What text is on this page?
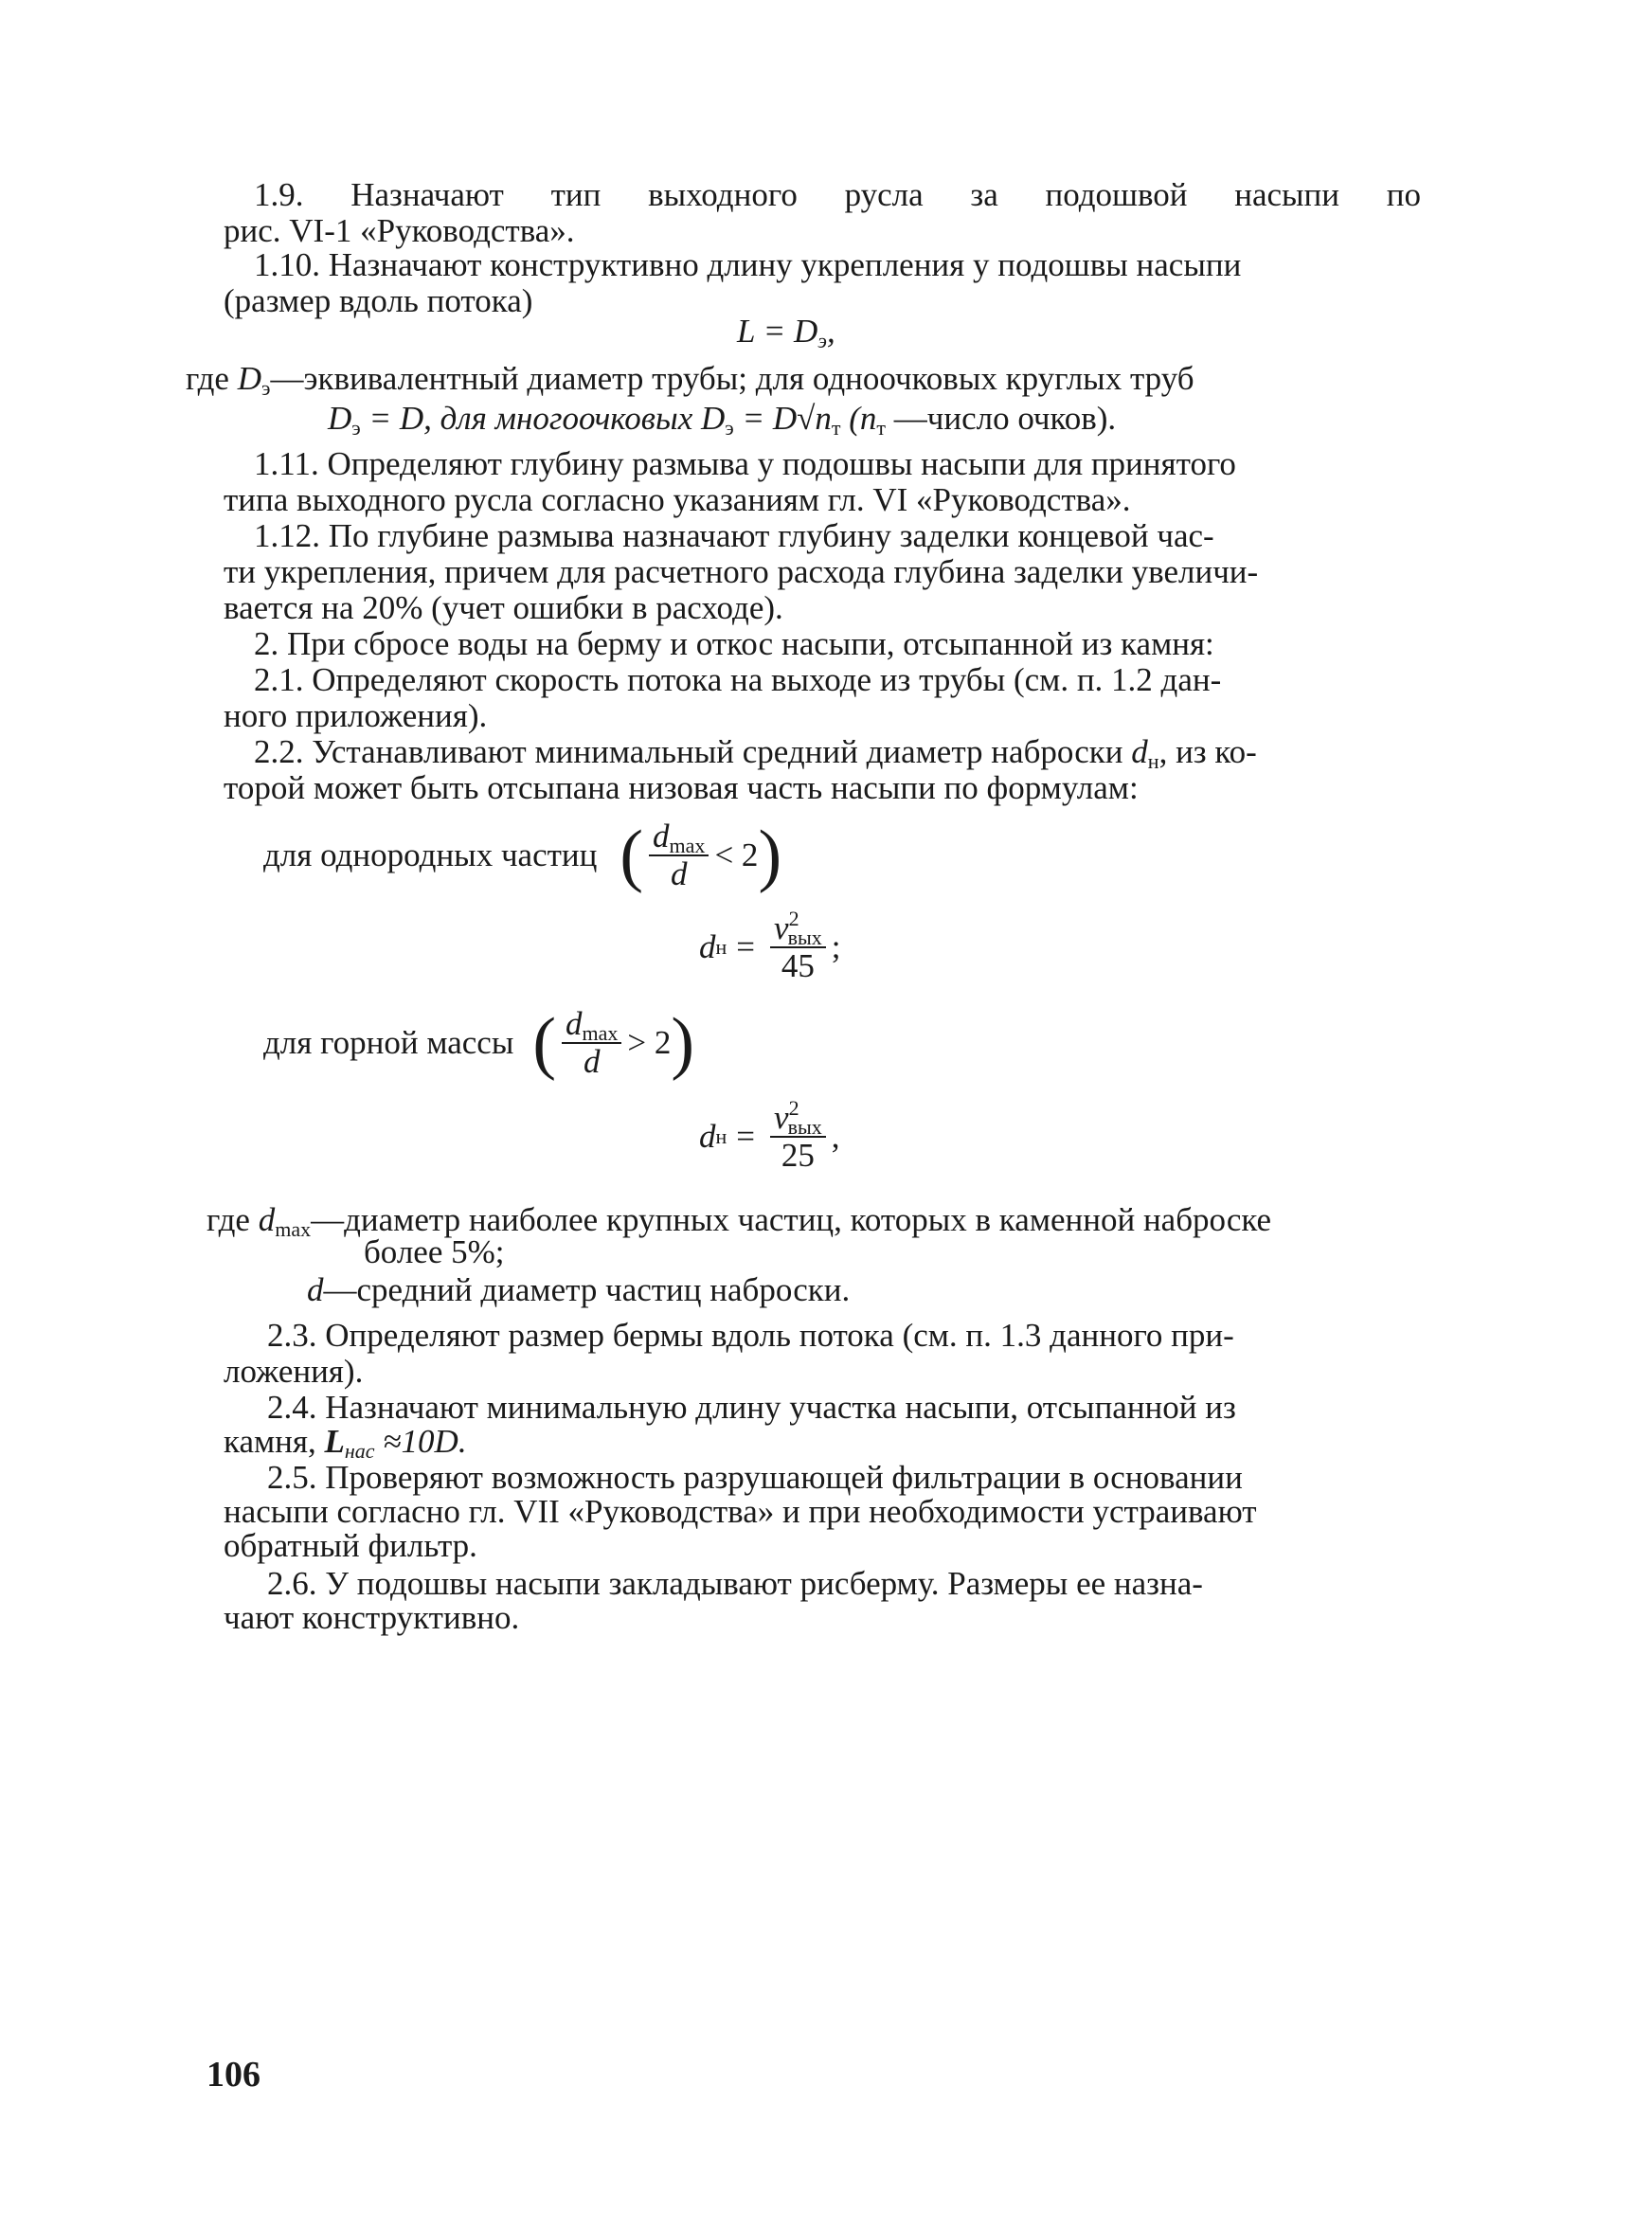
1.9. Назначают тип выходного русла за подошвой насыпи по
рис. VI-1 «Руководства».
1.10. Назначают конструктивно длину укрепления у подошвы насыпи
(размер вдоль потока)
$L = D_э$,
где $D_э—эквивалентный$ диаметр трубы; для одноочковых круглых труб
$D_э = D$, для многоочковых $D_э = D√n_т$ ($n_т$ —число очков).
1.11. Определяют глубину размыва у подошвы насыпи для принятого
типа выходного русла согласно указаниям гл. VI «Руководства».
1.12. По глубине размыва назначают глубину заделки концевой час-
ти укрепления, причем для расчетного расхода глубина заделки увеличи-
вается на 20% (учет ошибки в расходе).
2. При сбросе воды на берму и откос насыпи, отсыпанной из камня:
2.1. Определяют скорость потока на выходе из трубы (см. п. 1.2 дан-
ного приложения).
2.2. Устанавливают минимальный средний диаметр наброски $d_н$, из ко-
торой может быть отсыпана низовая часть насыпи по формулам:
для однородных частиц ( $\frac{d_{max}}{d} < 2$ )
d $н = \frac{v^2_{вых}}{45}$ ;
для горной массы ( $\frac{d_{max}}{d} > 2$ )
d $н = \frac{v^2_{вых}}{25}$ ,
где $d_{max}—диаметр$ наиболее крупных частиц, которых в каменной наброске
более 5%;
d—средний диаметр частиц наброски.
2.3. Определяют размер бермы вдоль потока (см. п. 1.3 данного при-
ложения).
2.4. Назначают минимальную длину участка насыпи, отсыпанной из
камня, $L_{нас} \approx 10D$.
2.5. Проверяют возможность разрушающей фильтрации в основании
насыпи согласно гл. VII «Руководства» и при необходимости устраивают
обратный фильтр.
2.6. У подошвы насыпи закладывают рисберму. Размеры ее назна-
чают конструктивно.
106
